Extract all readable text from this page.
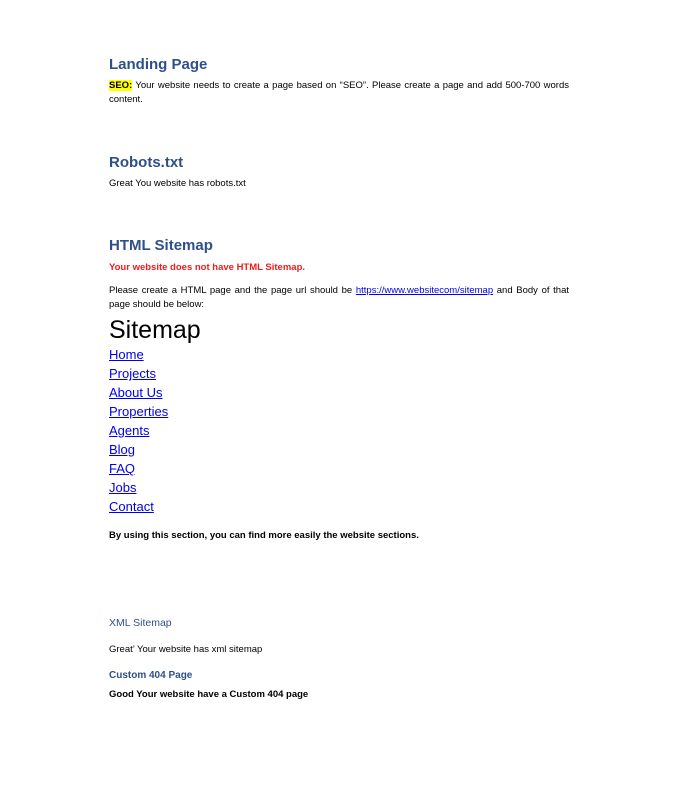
Landing Page
SEO: Your website needs to create a page based on “SEO”. Please create a page and add 500-700 words content.
Robots.txt
Great You website has robots.txt
HTML Sitemap
Your website does not have HTML Sitemap.
Please create a HTML page and the page url should be https://www.websitecom/sitemap and Body of that page should be below:
Sitemap
Home
Projects
About Us
Properties
Agents
Blog
FAQ
Jobs
Contact
By using this section, you can find more easily the website sections.
XML Sitemap
Great’ Your website has xml sitemap
Custom 404 Page
Good Your website have a Custom 404 page
